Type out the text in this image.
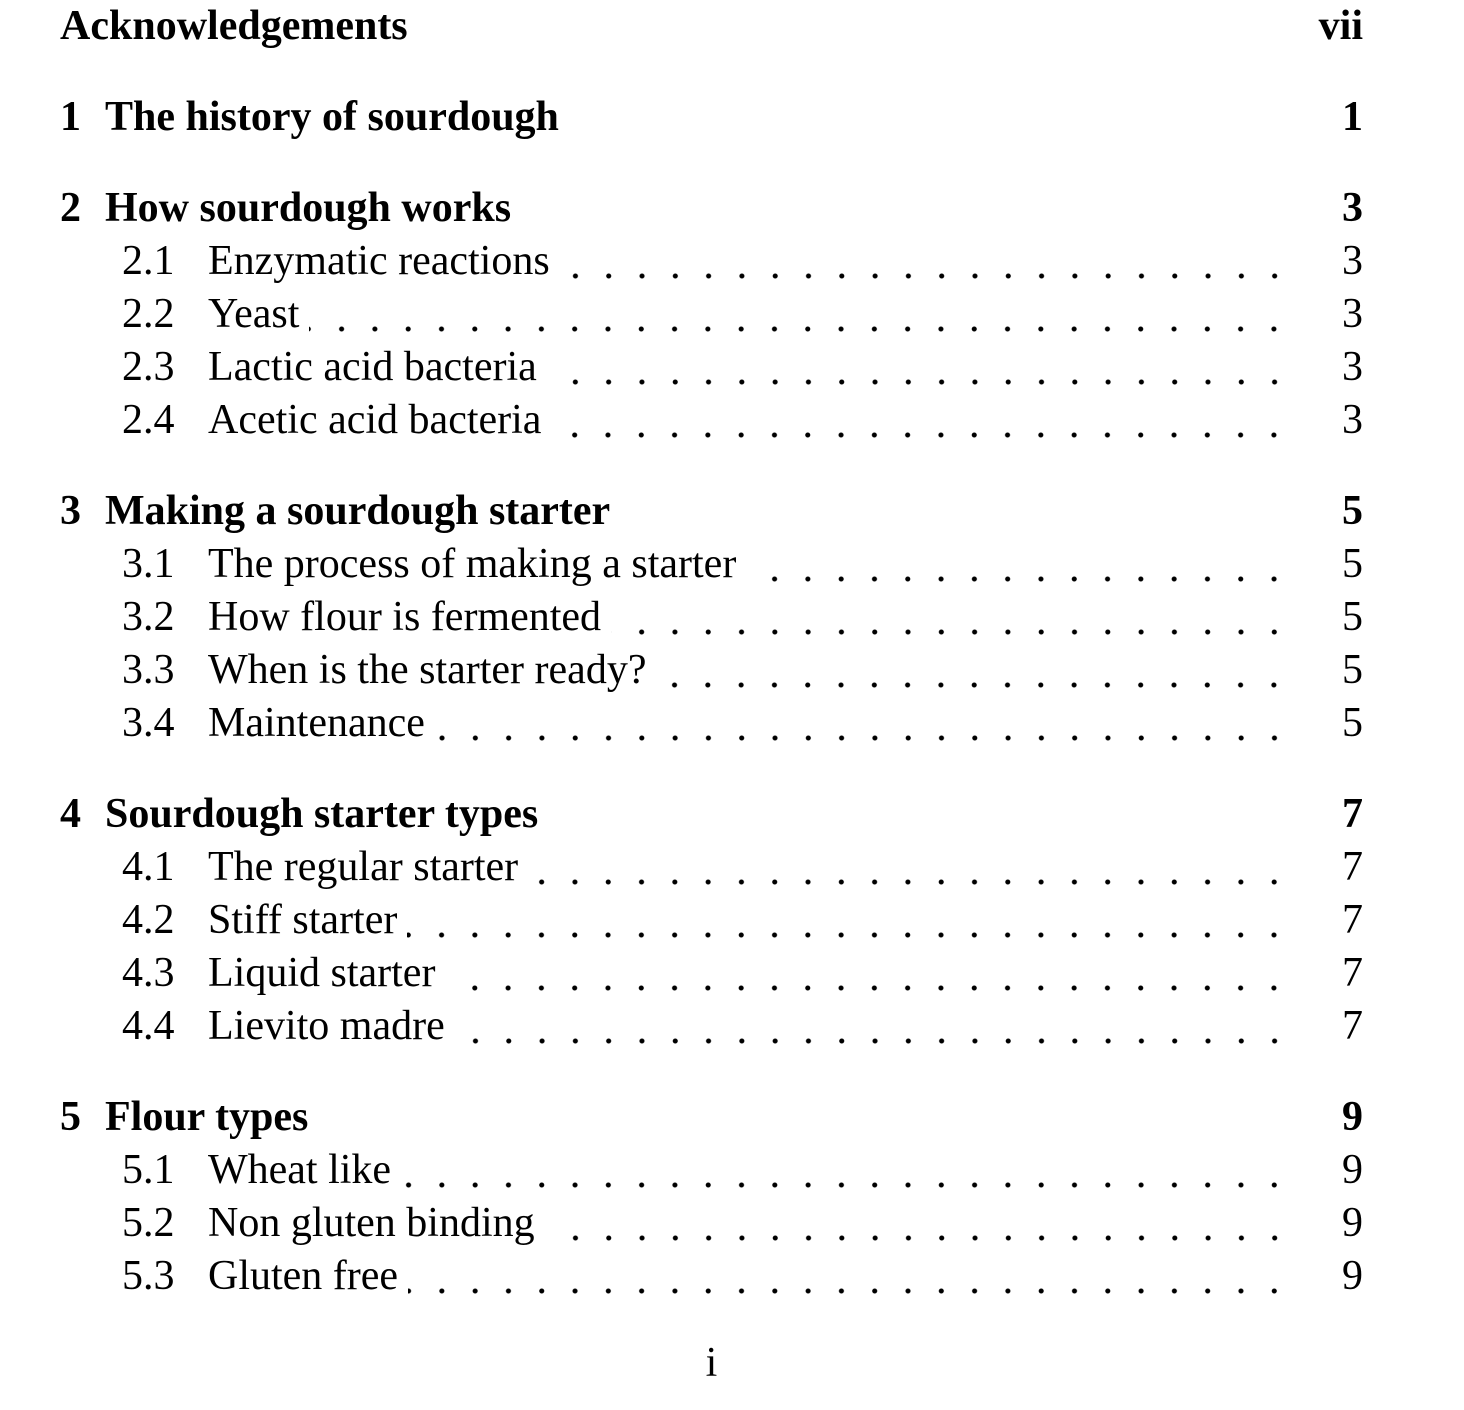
Acknowledgements	vii
1 The history of sourdough	1
2 How sourdough works	3
2.1 Enzymatic reactions	3
2.2 Yeast	3
2.3 Lactic acid bacteria	3
2.4 Acetic acid bacteria	3
3 Making a sourdough starter	5
3.1 The process of making a starter	5
3.2 How flour is fermented	5
3.3 When is the starter ready?	5
3.4 Maintenance	5
4 Sourdough starter types	7
4.1 The regular starter	7
4.2 Stiff starter	7
4.3 Liquid starter	7
4.4 Lievito madre	7
5 Flour types	9
5.1 Wheat like	9
5.2 Non gluten binding	9
5.3 Gluten free	9
i
